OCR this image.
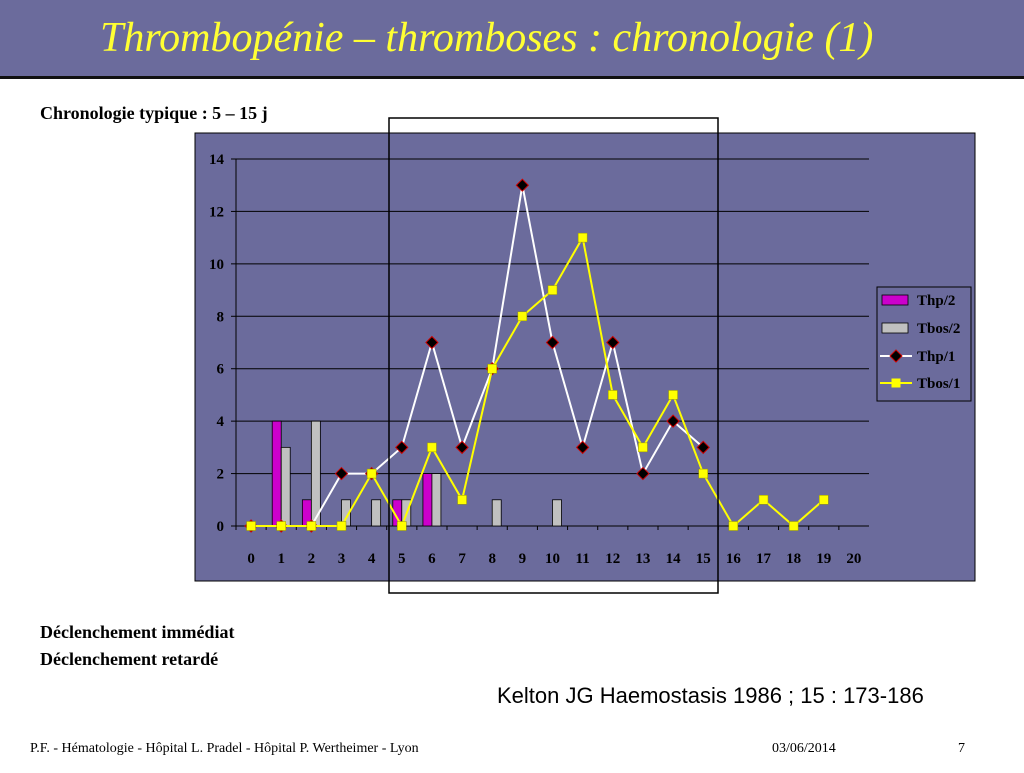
Thrombopénie – thromboses : chronologie (1)
Chronologie typique : 5 – 15 j
0
2
4
6
8
10
12
14
0 1 2 3 4 5 6 7 8 9 10 11 12 13 14 15 16 17 18 19 20
Thp/2
Tbos/2
Thp/1
Tbos/1
Déclenchement immédiat
Déclenchement retardé
Kelton JG Haemostasis 1986 ; 15 : 173-186
P.F. - Hématologie - Hôpital L. Pradel - Hôpital P. Wertheimer - Lyon	03/06/2014	7
